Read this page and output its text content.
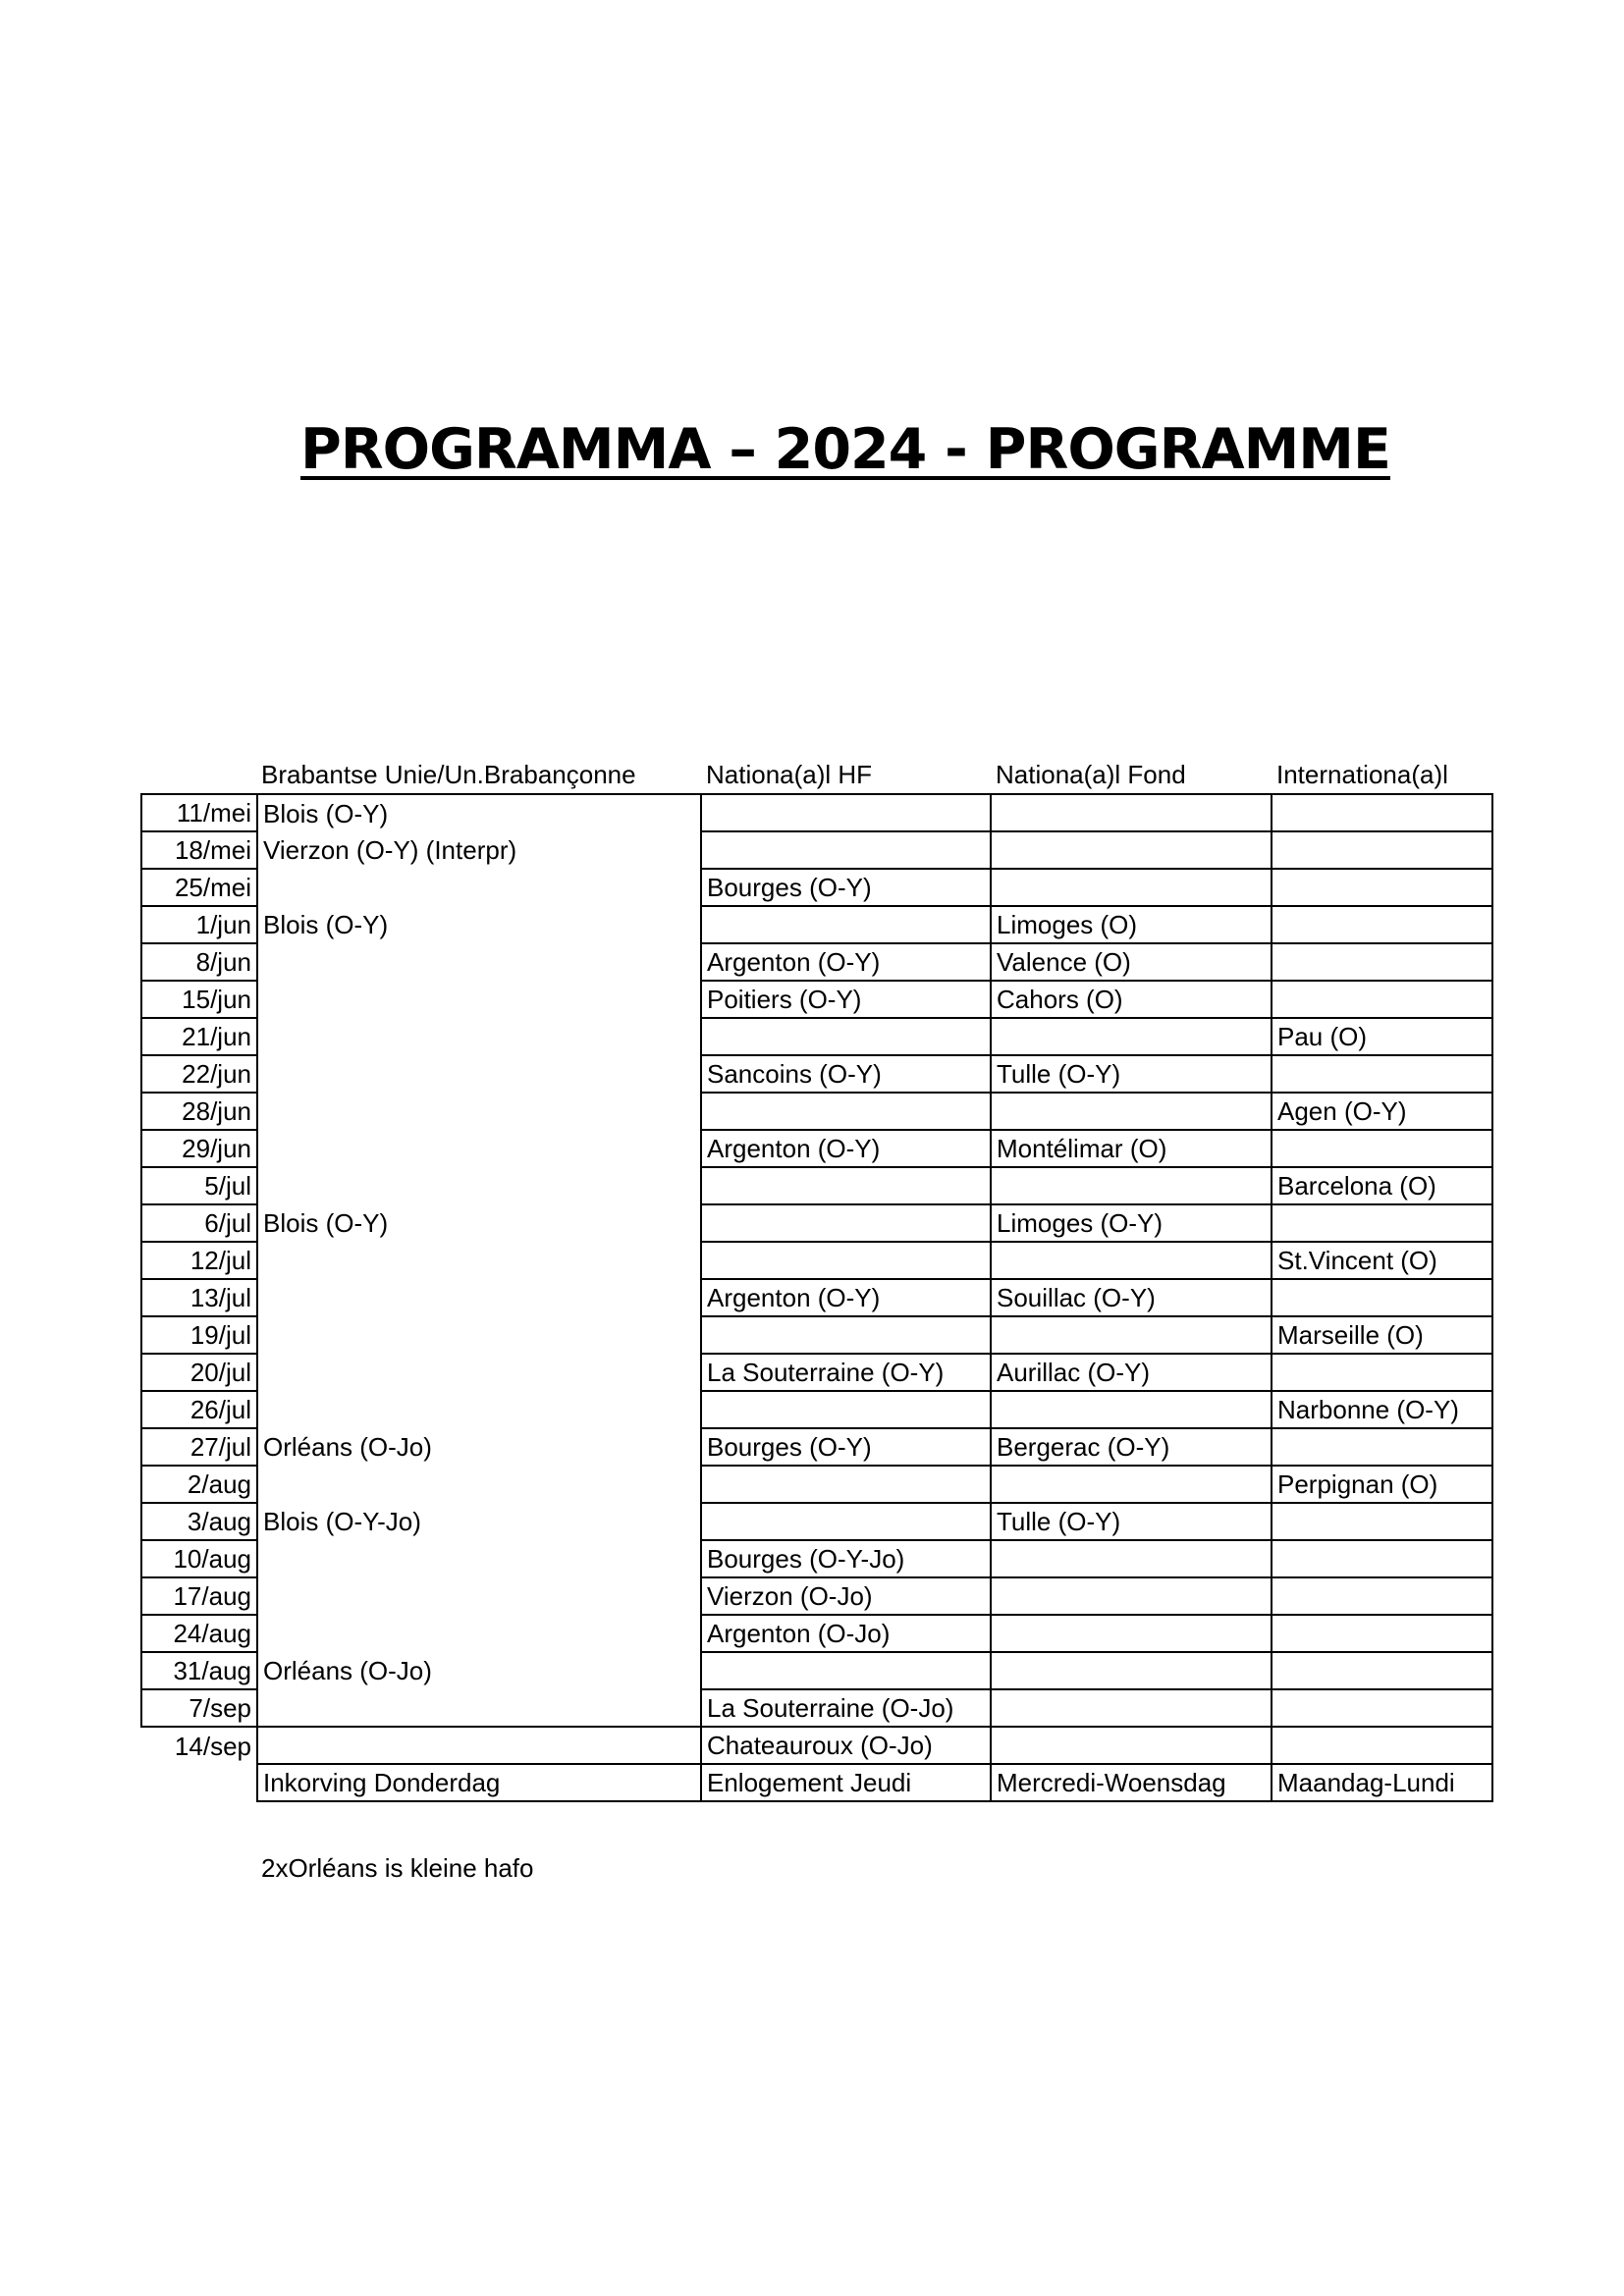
PROGRAMMA – 2024 - PROGRAMME
Brabantse Unie/Un.Brabançonne	Nationa(a)l HF	Nationa(a)l Fond	Internationa(a)l
11/mei	Blois (O-Y)			
18/mei	Vierzon (O-Y) (Interpr)			
25/mei		Bourges (O-Y)		
1/jun	Blois (O-Y)		Limoges (O)	
8/jun		Argenton (O-Y)	Valence (O)	
15/jun		Poitiers (O-Y)	Cahors (O)	
21/jun				Pau (O)
22/jun		Sancoins (O-Y)	Tulle (O-Y)	
28/jun				Agen (O-Y)
29/jun		Argenton (O-Y)	Montélimar (O)	
5/jul				Barcelona (O)
6/jul	Blois (O-Y)		Limoges (O-Y)	
12/jul				St.Vincent (O)
13/jul		Argenton (O-Y)	Souillac (O-Y)	
19/jul				Marseille (O)
20/jul		La Souterraine (O-Y)	Aurillac (O-Y)	
26/jul				Narbonne (O-Y)
27/jul	Orléans (O-Jo)	Bourges (O-Y)	Bergerac (O-Y)	
2/aug				Perpignan (O)
3/aug	Blois (O-Y-Jo)		Tulle (O-Y)	
10/aug		Bourges (O-Y-Jo)		
17/aug		Vierzon (O-Jo)		
24/aug		Argenton (O-Jo)		
31/aug	Orléans (O-Jo)			
7/sep		La Souterraine (O-Jo)		
14/sep		Chateauroux (O-Jo)		
	Inkorving Donderdag	Enlogement Jeudi	Mercredi-Woensdag	Maandag-Lundi
2xOrléans is kleine hafo
